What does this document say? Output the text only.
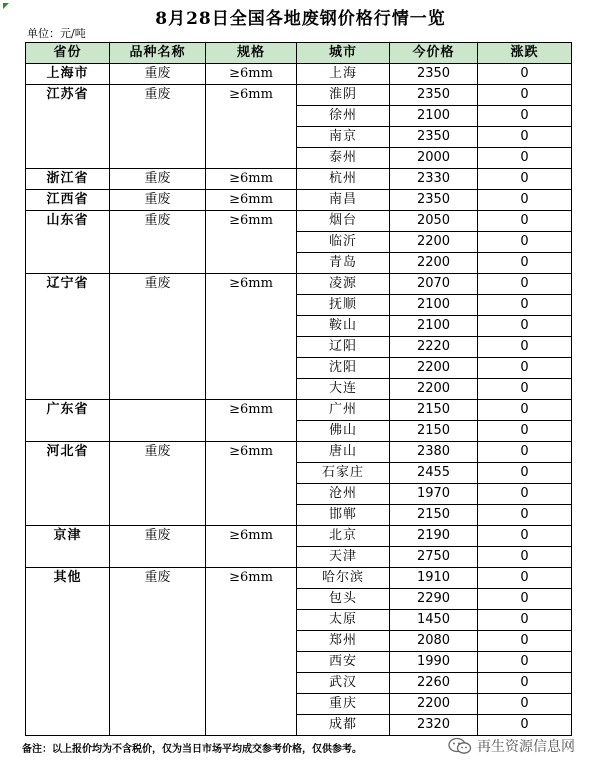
8月28日全国各地废钢价格行情一览
单位：元/吨
省份	品种名称	规格	城市	今价格	涨跌
上海市	重废	≥6mm	上海	2350	0
江苏省	重废	≥6mm	淮阴	2350	0
			徐州	2100	0
			南京	2350	0
			泰州	2000	0
浙江省	重废	≥6mm	杭州	2330	0
江西省	重废	≥6mm	南昌	2350	0
山东省	重废	≥6mm	烟台	2050	0
			临沂	2200	0
			青岛	2200	0
辽宁省	重废	≥6mm	凌源	2070	0
			抚顺	2100	0
			鞍山	2100	0
			辽阳	2220	0
			沈阳	2200	0
			大连	2200	0
广东省		≥6mm	广州	2150	0
			佛山	2150	0
河北省	重废	≥6mm	唐山	2380	0
			石家庄	2455	0
			沧州	1970	0
			邯郸	2150	0
京津	重废	≥6mm	北京	2190	0
			天津	2750	0
其他	重废	≥6mm	哈尔滨	1910	0
			包头	2290	0
			太原	1450	0
			郑州	2080	0
			西安	1990	0
			武汉	2260	0
			重庆	2200	0
			成都	2320	0
备注：以上报价均为不含税价，仅为当日市场平均成交参考价格，仅供参考。	再生资源信息网
